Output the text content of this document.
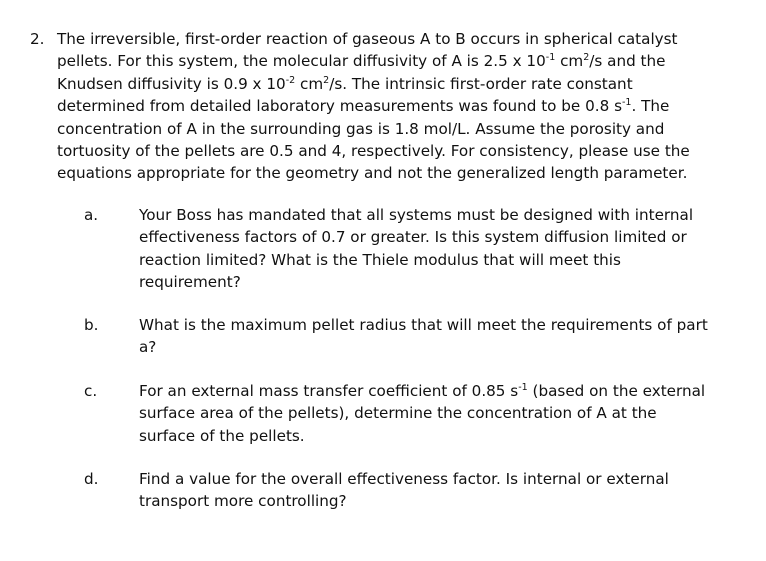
2. The irreversible, first-order reaction of gaseous A to B occurs in spherical catalyst pellets. For this system, the molecular diffusivity of A is 2.5 x $10^{-1}$ $cm^2/s$ and the Knudsen diffusivity is 0.9 x $10^{-2}$ $cm^2/s$. The intrinsic first-order rate constant determined from detailed laboratory measurements was found to be 0.8 $s^{-1}$. The concentration of A in the surrounding gas is 1.8 mol/L. Assume the porosity and tortuosity of the pellets are 0.5 and 4, respectively. For consistency, please use the equations appropriate for the geometry and not the generalized length parameter.
a.	Your Boss has mandated that all systems must be designed with internal effectiveness factors of 0.7 or greater. Is this system diffusion limited or reaction limited? What is the Thiele modulus that will meet this requirement?
b.	What is the maximum pellet radius that will meet the requirements of part a?
c.	For an external mass transfer coefficient of 0.85 $s^{-1}$ (based on the external surface area of the pellets), determine the concentration of A at the surface of the pellets.
d.	Find a value for the overall effectiveness factor. Is internal or external transport more controlling?
